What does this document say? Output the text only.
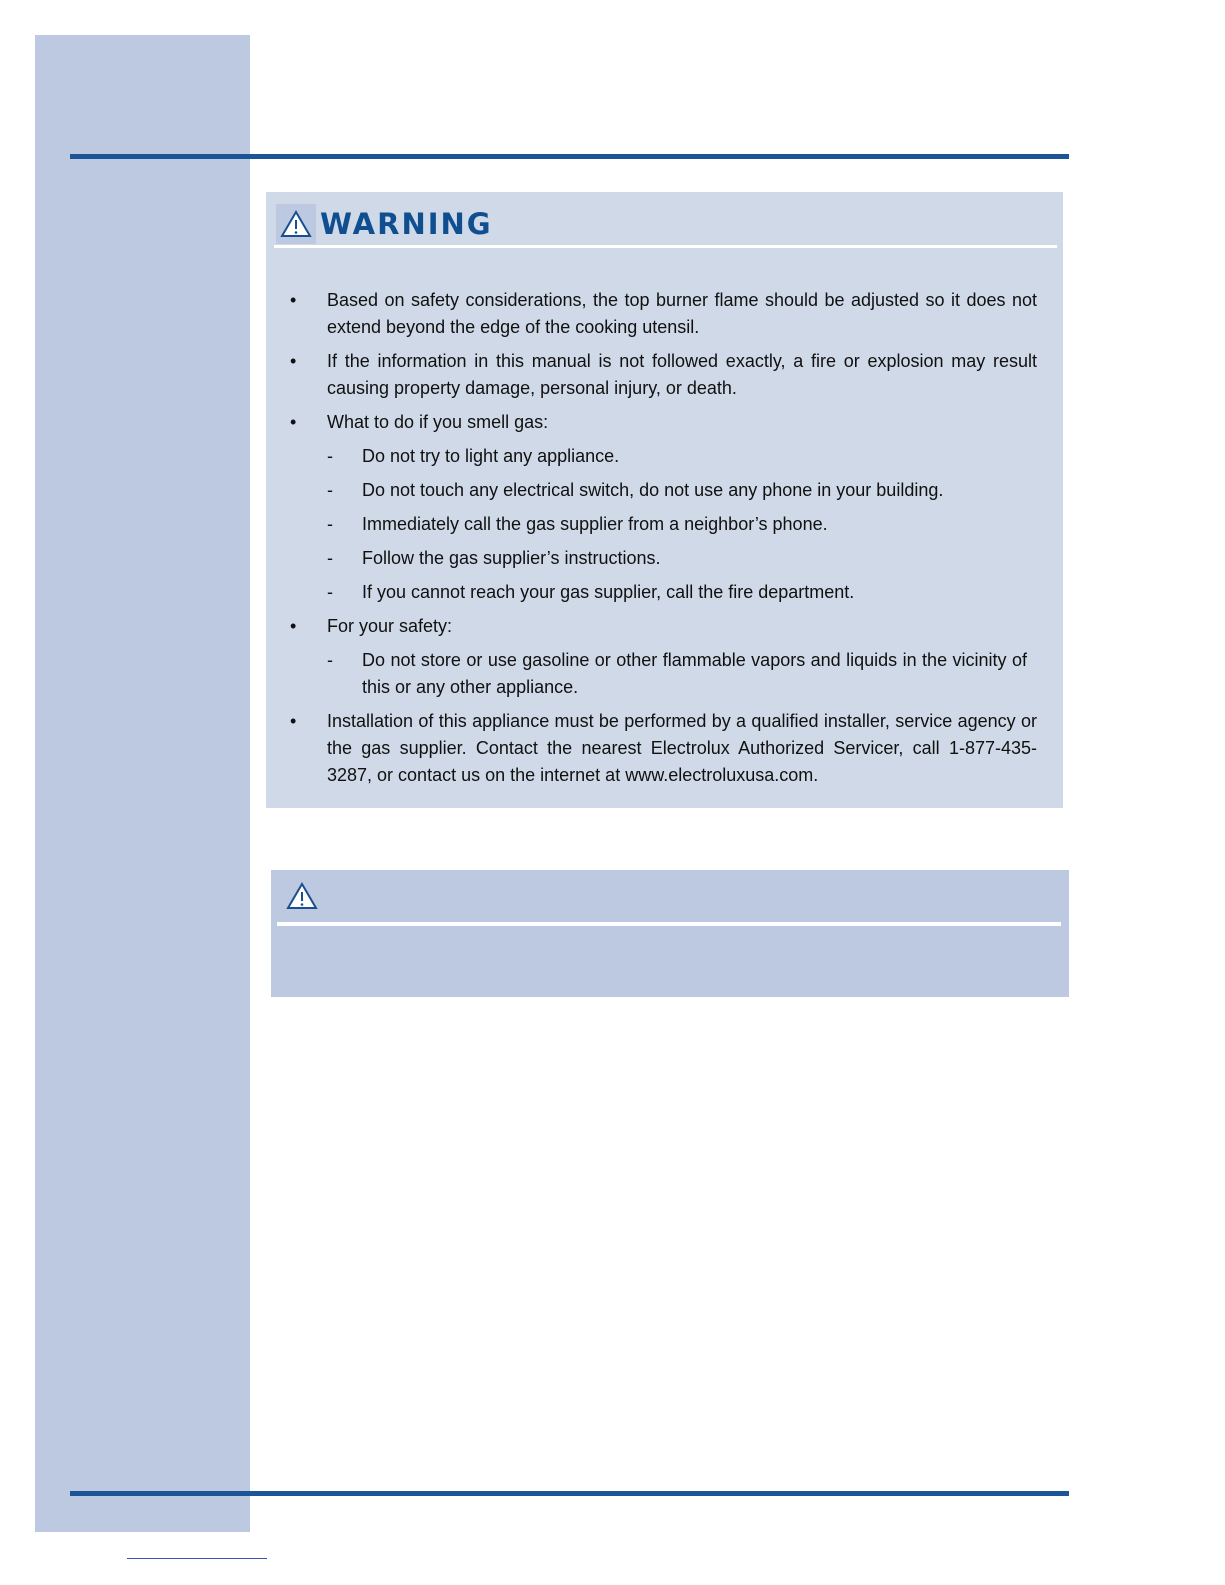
WARNING
• Based on safety considerations, the top burner flame should be adjusted so it does not extend beyond the edge of the cooking utensil.
• If the information in this manual is not followed exactly, a fire or explosion may result causing property damage, personal injury, or death.
• What to do if you smell gas:
- Do not try to light any appliance.
- Do not touch any electrical switch, do not use any phone in your building.
- Immediately call the gas supplier from a neighbor’s phone.
- Follow the gas supplier’s instructions.
- If you cannot reach your gas supplier, call the fire department.
• For your safety:
- Do not store or use gasoline or other flammable vapors and liquids in the vicinity of this or any other appliance.
• Installation of this appliance must be performed by a qualified installer, service agency or the gas supplier. Contact the nearest Electrolux Authorized Servicer, call 1-877-435-3287, or contact us on the internet at www.electroluxusa.com.
